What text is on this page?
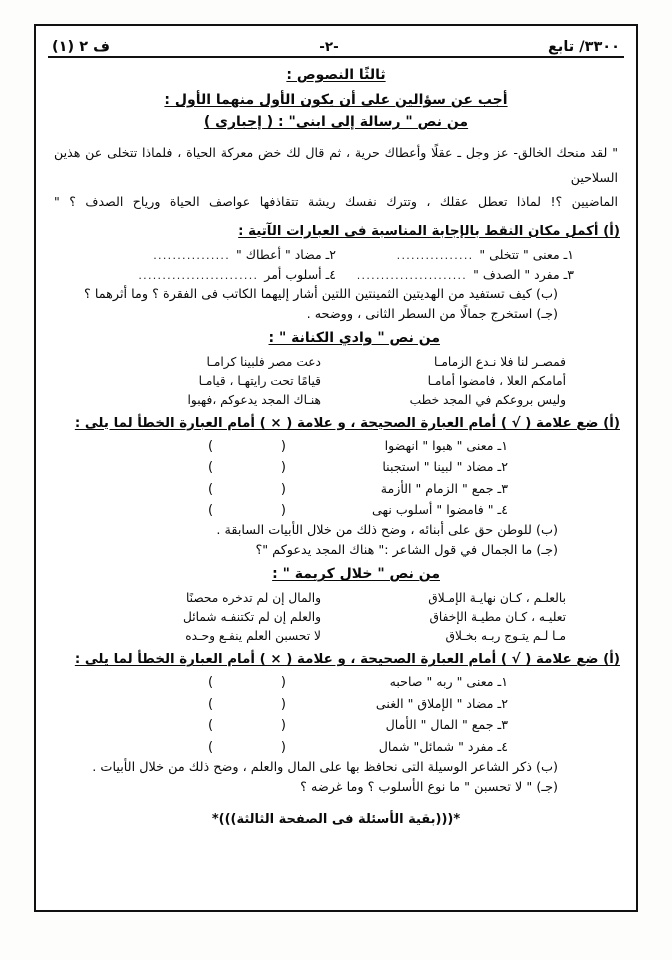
٣٣٠٠/ تابع
-٢-
ف ٢ (١)
ثالثًا النصوص :
أجب عن سؤالين على أن يكون الأول منهما الأول :
من نص " رسالة إلى ابنى" : ( إجبارى )
" لقد منحك الخالق- عز وجل ـ عقلًا وأعطاك حرية ، ثم قال لك خض معركة الحياة ، فلماذا تتخلى عن هذين السلاحين
الماضيين ؟! لماذا تعطل عقلك ، وتترك نفسك ريشة تتقاذفها عواصف الحياة ورياح الصدف ؟ "
(أ) أكمل مكان النقط بالإجابة المناسبة فى العبارات الآتية :
١ـ معنى " تتخلى "
................
٢ـ مضاد " أعطاك "
................
٣ـ مفرد " الصدف "
.......................
٤ـ أسلوب أمر
.........................
(ب) كيف تستفيد من الهديتين الثمينتين اللتين أشار إليهما الكاتب فى الفقرة ؟ وما أثرهما ؟
(جـ) استخرج جمالًا من السطر الثانى ، ووضحه .
من نص " وادي الكنانة " :
فمصـر لنا فلا نـدع الزمامـا
دعت مصر فلبينا كرامـا
أمامكم العلا ، فامضوا أمامـا
قيامًا تحت رايتهـا ، قيامـا
وليس بروعكم في المجد خطب
هنـاك المجد يدعوكم ،فهبوا
(أ) ضع علامة ( √ ) أمام العبارة الصحيحة ، و علامة ( × ) أمام العبارة الخطأ لما يلى :
١ـ معنى " هبوا " انهضوا
(
)
٢ـ مضاد " لبينا " استجبنا
(
)
٣ـ جمع " الزمام " الأزمة
(
)
٤ـ " فامضوا " أسلوب نهى
(
)
(ب) للوطن حق على أبنائه ، وضح ذلك من خلال الأبيات السابقة .
(جـ) ما الجمال في قول الشاعر :" هناك المجد يدعوكم "؟
من نص " خلال كريمة " :
بالعلـم ، كـان نهايـة الإمـلاق
والمال إن لم تدخره محصنًا
تعليـه ، كـان مطيـة الإخفاق
والعلم إن لم تكتنفـه شمائل
مـا لـم يتـوج ربـه بخـلاق
لا تحسبن العلم ينفـع وحـده
(أ) ضع علامة ( √ ) أمام العبارة الصحيحة ، و علامة ( × ) أمام العبارة الخطأ لما يلى :
١ـ معنى " ربه " صاحبه
(
)
٢ـ مضاد " الإملاق " الغنى
(
)
٣ـ جمع " المال " الأمال
(
)
٤ـ مفرد " شمائل" شمال
(
)
(ب) ذكر الشاعر الوسيلة التى نحافظ بها على المال والعلم ، وضح ذلك من خلال الأبيات .
(جـ) " لا تحسبن " ما نوع الأسلوب ؟ وما غرضه ؟
*(((بقية الأسئلة فى الصفحة الثالثة)))*
